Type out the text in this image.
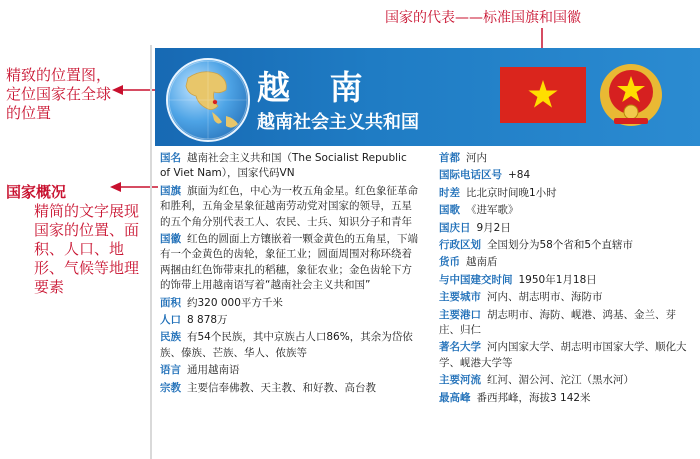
国家的代表——标准国旗和国徽
精致的位置图，定位国家在全球的位置
国家概况
精简的文字展现国家的位置、面积、人口、地形、气候等地理要素
越 南
越南社会主义共和国
国名 越南社会主义共和国（The Socialist Republic of Viet Nam），国家代码VN
国旗 旗面为红色，中心为一枚五角金星。红色象征革命和胜利，五角金星象征越南劳动党对国家的领导，五星的五个角分别代表工人、农民、士兵、知识分子和青年
国徽 红色的圆面上方镶嵌着一颗金黄色的五角星，下端有一个金黄色的齿轮，象征工业；圆面周围对称环绕着两捆由红色饰带束扎的稻穗，象征农业；金色齿轮下方的饰带上用越南语写着“越南社会主义共和国”
面积 约320 000平方千米
人口 8 878万
民族 有54个民族，其中京族占人口86%，其余为岱依族、傣族、芒族、华人、侬族等
语言 通用越南语
宗教 主要信奉佛教、天主教、和好教、高台教
首都 河内
国际电话区号 +84
时差 比北京时间晚1小时
国歌 《进军歌》
国庆日 9月2日
行政区划 全国划分为58个省和5个直辖市
货币 越南盾
与中国建交时间 1950年1月18日
主要城市 河内、胡志明市、海防市
主要港口 胡志明市、海防、岘港、鸿基、金兰、芽庄、归仁
著名大学 河内国家大学、胡志明市国家大学、顺化大学、岘港大学等
主要河流 红河、湄公河、沱江（黑水河）
最高峰 番西邦峰，海拔3 142米
